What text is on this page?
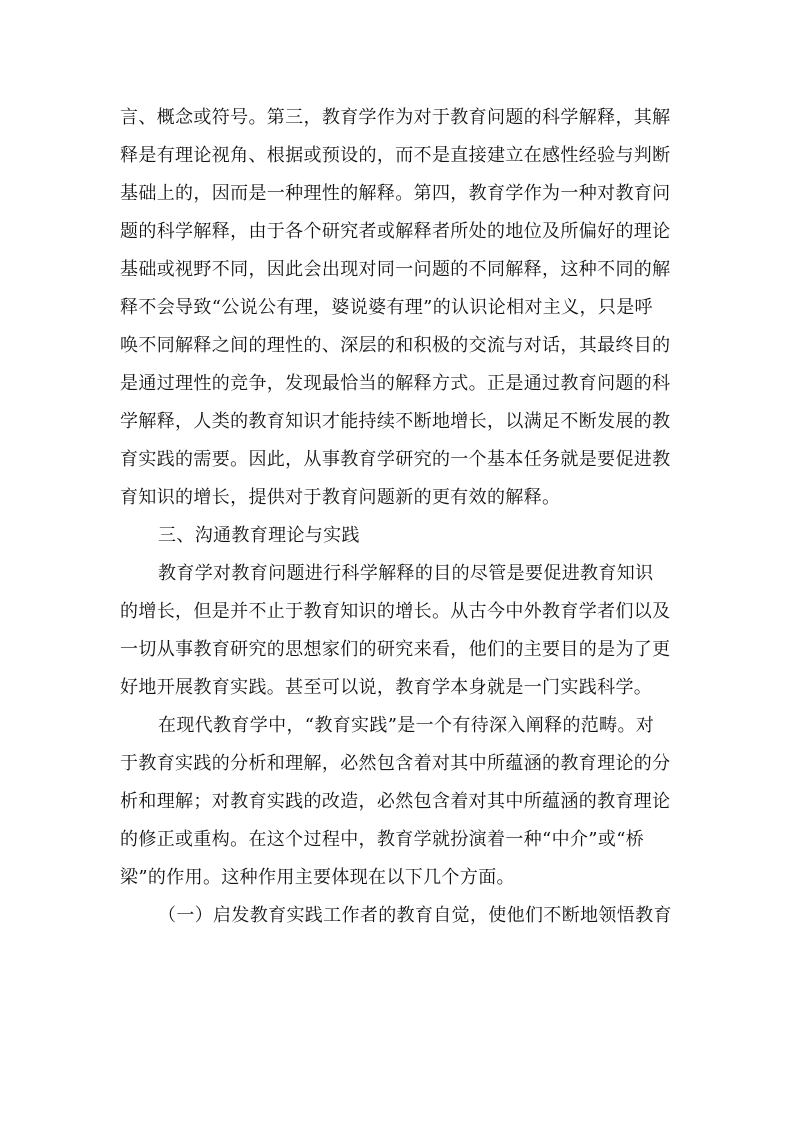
言、概念或符号。第三，教育学作为对于教育问题的科学解释，其解
释是有理论视角、根据或预设的，而不是直接建立在感性经验与判断
基础上的，因而是一种理性的解释。第四，教育学作为一种对教育问
题的科学解释，由于各个研究者或解释者所处的地位及所偏好的理论
基础或视野不同，因此会出现对同一问题的不同解释，这种不同的解
释不会导致“公说公有理，婆说婆有理”的认识论相对主义，只是呼
唤不同解释之间的理性的、深层的和积极的交流与对话，其最终目的
是通过理性的竞争，发现最恰当的解释方式。正是通过教育问题的科
学解释，人类的教育知识才能持续不断地增长，以满足不断发展的教
育实践的需要。因此，从事教育学研究的一个基本任务就是要促进教
育知识的增长，提供对于教育问题新的更有效的解释。
三、沟通教育理论与实践
教育学对教育问题进行科学解释的目的尽管是要促进教育知识
的增长，但是并不止于教育知识的增长。从古今中外教育学者们以及
一切从事教育研究的思想家们的研究来看，他们的主要目的是为了更
好地开展教育实践。甚至可以说，教育学本身就是一门实践科学。
在现代教育学中，“教育实践”是一个有待深入阐释的范畴。对
于教育实践的分析和理解，必然包含着对其中所蕴涵的教育理论的分
析和理解；对教育实践的改造，必然包含着对其中所蕴涵的教育理论
的修正或重构。在这个过程中，教育学就扮演着一种“中介”或“桥
梁”的作用。这种作用主要体现在以下几个方面。
（一）启发教育实践工作者的教育自觉，使他们不断地领悟教育
